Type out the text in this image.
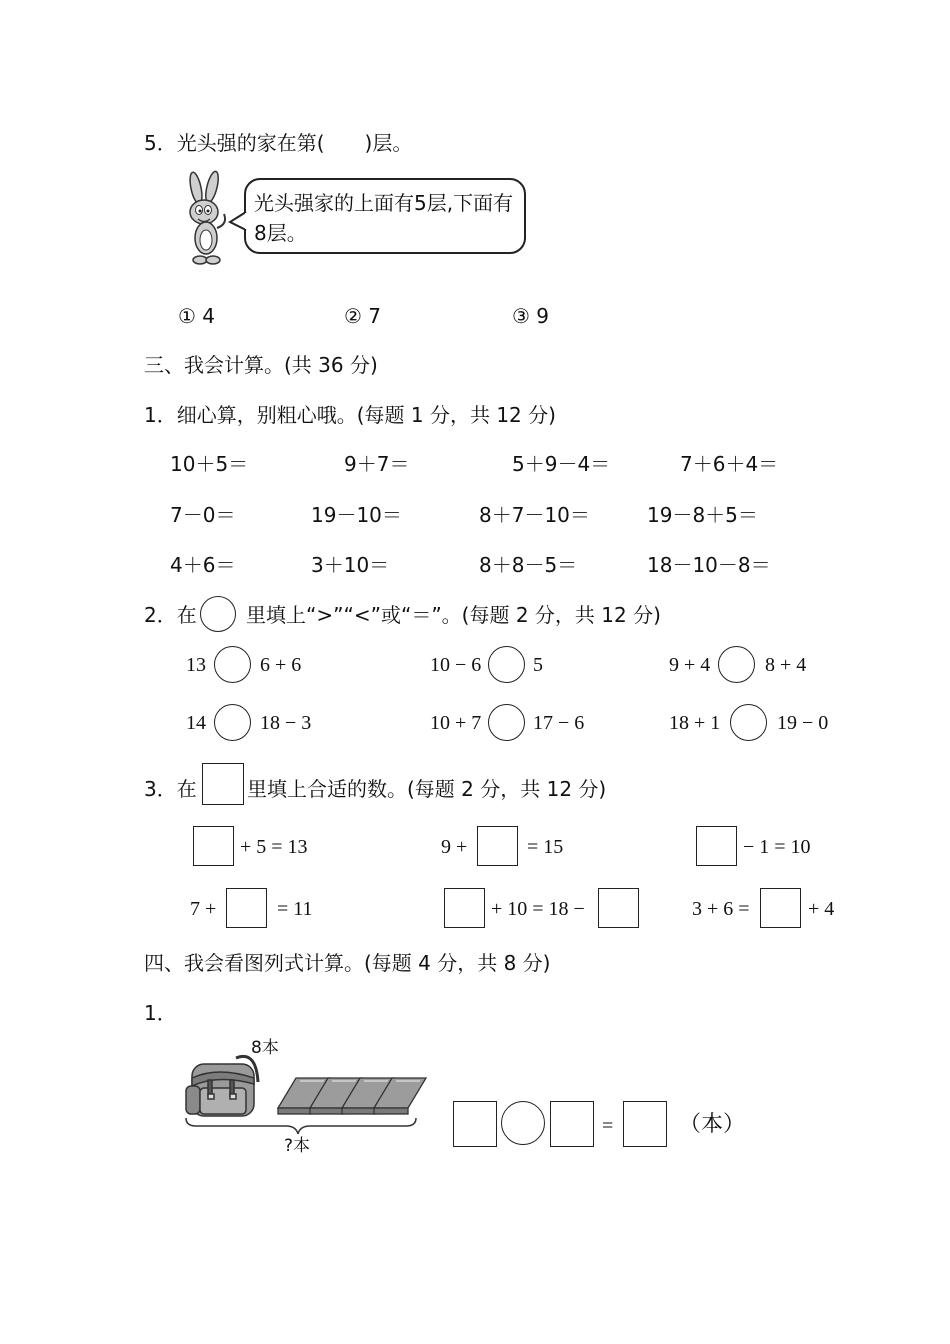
5．光头强的家在第(　　)层。
光头强家的上面有5层,下面有8层。
① 4	② 7	③ 9
三、我会计算。(共 36 分)
1．细心算，别粗心哦。(每题 1 分，共 12 分)
10＋5＝	9＋7＝	5＋9－4＝	7＋6＋4＝
7－0＝	19－10＝	8＋7－10＝	19－8＋5＝
4＋6＝	3＋10＝	8＋8－5＝	18－10－8＝
2．在 里填上“>”“<”或“＝”。(每题 2 分，共 12 分)
13	6 + 6	10 − 6	5	9 + 4	8 + 4
14	18 − 3	10 + 7	17 − 6	18 + 1	19 − 0
3．在	里填上合适的数。(每题 2 分，共 12 分)
+ 5 = 13	9 +	= 15	− 1 = 10
7 +	= 11	+ 10 = 18 −	3 + 6 =	+ 4
四、我会看图列式计算。(每题 4 分，共 8 分)
1．
8本
?本
=	（本）
